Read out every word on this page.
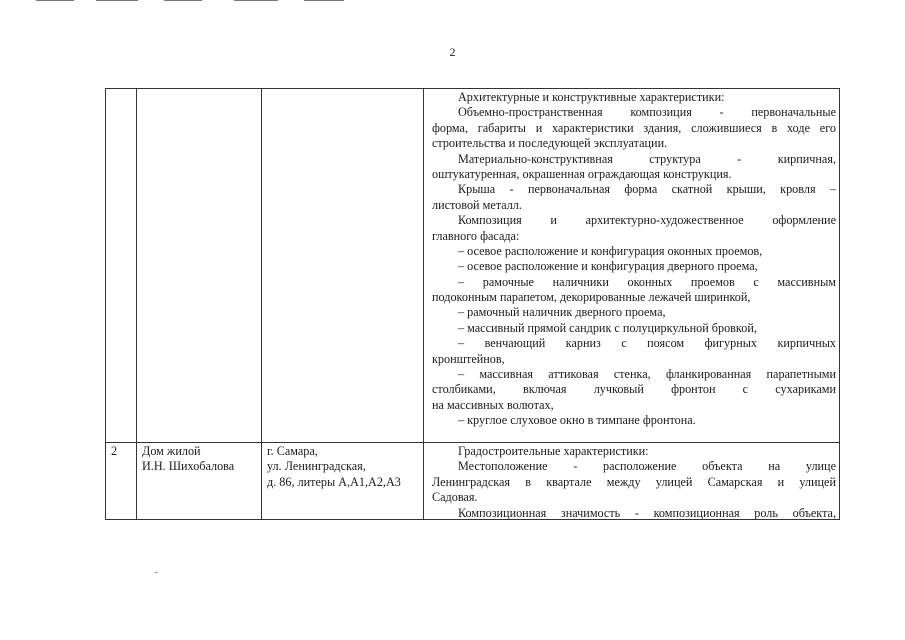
2
Архитектурные и конструктивные характеристики:
Объемно-пространственная композиция - первоначальные
форма, габариты и характеристики здания, сложившиеся в ходе его
строительства и последующей эксплуатации.
Материально-конструктивная структура - кирпичная,
оштукатуренная, окрашенная ограждающая конструкция.
Крыша - первоначальная форма скатной крыши, кровля –
листовой металл.
Композиция и архитектурно-художественное оформление
главного фасада:
– осевое расположение и конфигурация оконных проемов,
– осевое расположение и конфигурация дверного проема,
– рамочные наличники оконных проемов с массивным
подоконным парапетом, декорированные лежачей ширинкой,
– рамочный наличник дверного проема,
– массивный прямой сандрик с полуциркульной бровкой,
– венчающий карниз с поясом фигурных кирпичных
кронштейнов,
– массивная аттиковая стенка, фланкированная парапетными
столбиками, включая лучковый фронтон с сухариками
на массивных волютах,
– круглое слуховое окно в тимпане фронтона.
2 Дом жилой
И.Н. Шихобалова
г. Самара,
ул. Ленинградская,
д. 86, литеры А,А1,А2,А3
Градостроительные характеристики:
Местоположение - расположение объекта на улице
Ленинградская в квартале между улицей Самарская и улицей
Садовая.
Композиционная значимость - композиционная роль объекта,
